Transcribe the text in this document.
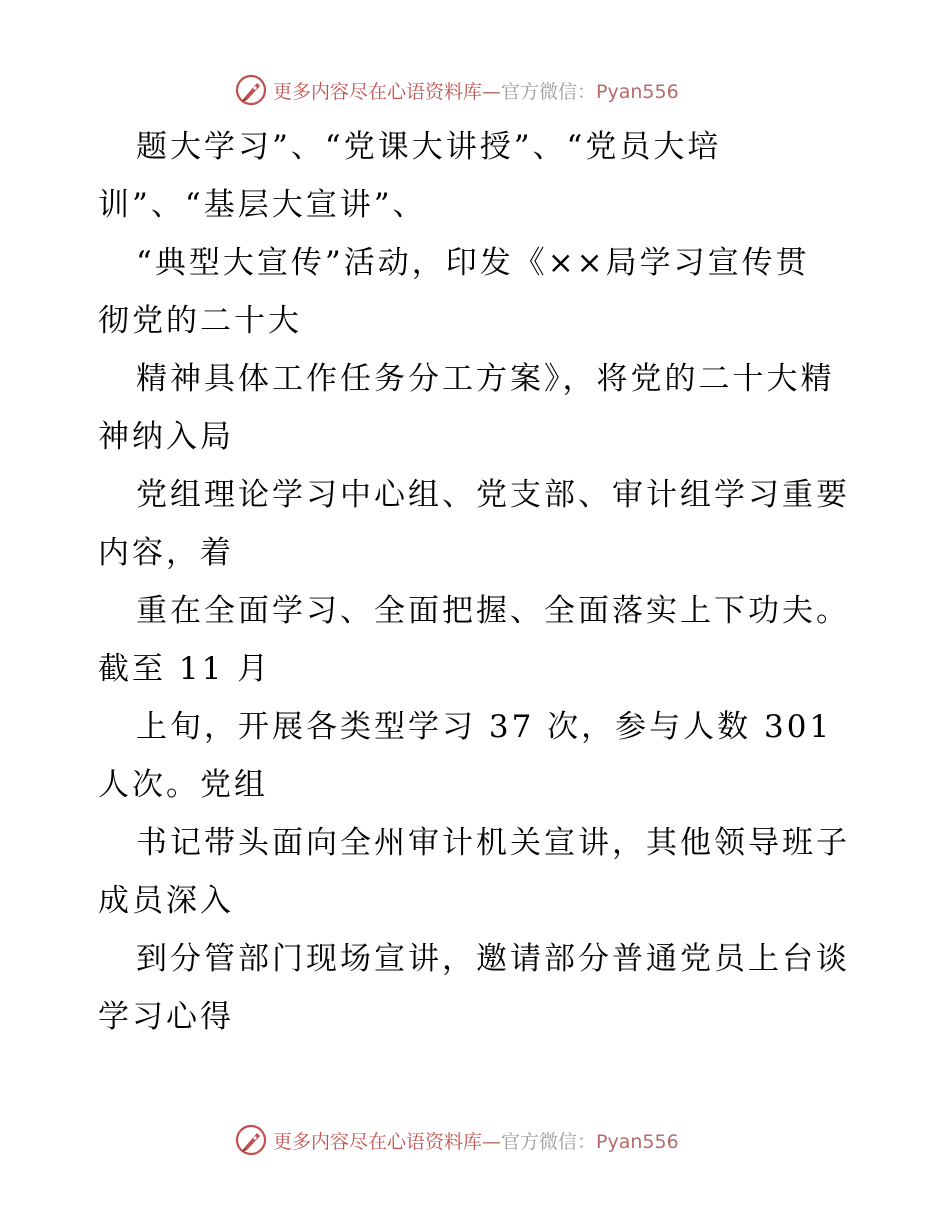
更多内容尽在心语资料库—官方微信：Pyan556
题大学习”、“党课大讲授”、“党员大培
训”、“基层大宣讲”、
“典型大宣传”活动，印发《××局学习宣传贯
彻党的二十大
精神具体工作任务分工方案》，将党的二十大精
神纳入局
党组理论学习中心组、党支部、审计组学习重要
内容，着
重在全面学习、全面把握、全面落实上下功夫。
截至 11 月
上旬，开展各类型学习 37 次，参与人数 301
人次。党组
书记带头面向全州审计机关宣讲，其他领导班子
成员深入
到分管部门现场宣讲，邀请部分普通党员上台谈
学习心得
更多内容尽在心语资料库—官方微信：Pyan556
